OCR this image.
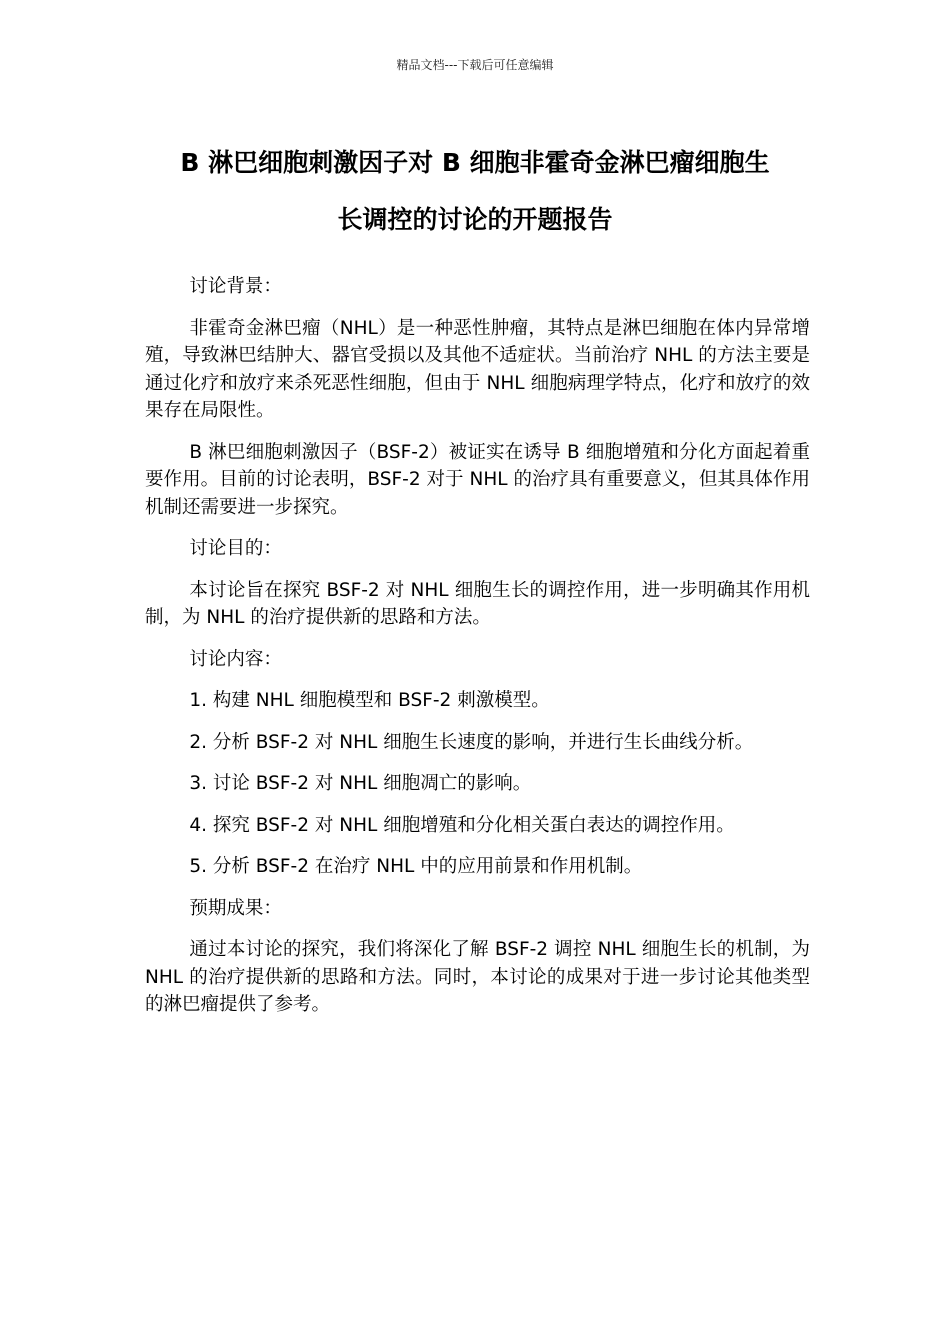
精品文档---下载后可任意编辑
B 淋巴细胞刺激因子对 B 细胞非霍奇金淋巴瘤细胞生
长调控的讨论的开题报告

讨论背景：

非霍奇金淋巴瘤（NHL）是一种恶性肿瘤，其特点是淋巴细胞在体内异常增殖，导致淋巴结肿大、器官受损以及其他不适症状。当前治疗 NHL 的方法主要是通过化疗和放疗来杀死恶性细胞，但由于 NHL 细胞病理学特点，化疗和放疗的效果存在局限性。

B 淋巴细胞刺激因子（BSF-2）被证实在诱导 B 细胞增殖和分化方面起着重要作用。目前的讨论表明，BSF-2 对于 NHL 的治疗具有重要意义，但其具体作用机制还需要进一步探究。

讨论目的：

本讨论旨在探究 BSF-2 对 NHL 细胞生长的调控作用，进一步明确其作用机制，为 NHL 的治疗提供新的思路和方法。

讨论内容：

1. 构建 NHL 细胞模型和 BSF-2 刺激模型。

2. 分析 BSF-2 对 NHL 细胞生长速度的影响，并进行生长曲线分析。

3. 讨论 BSF-2 对 NHL 细胞凋亡的影响。

4. 探究 BSF-2 对 NHL 细胞增殖和分化相关蛋白表达的调控作用。

5. 分析 BSF-2 在治疗 NHL 中的应用前景和作用机制。

预期成果：

通过本讨论的探究，我们将深化了解 BSF-2 调控 NHL 细胞生长的机制，为 NHL 的治疗提供新的思路和方法。同时，本讨论的成果对于进一步讨论其他类型的淋巴瘤提供了参考。
